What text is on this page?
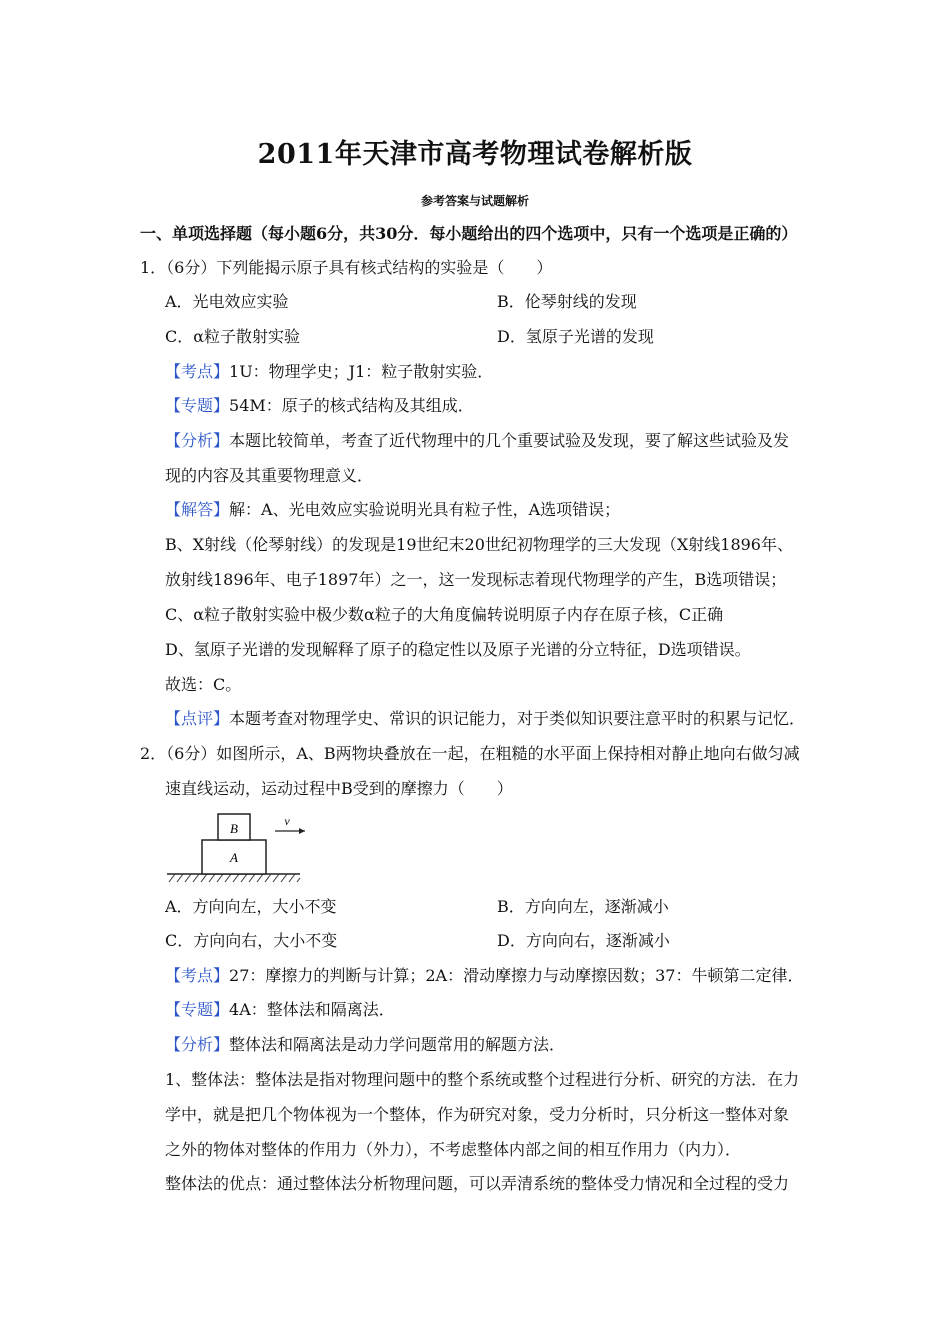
2011年天津市高考物理试卷解析版
参考答案与试题解析
一、单项选择题（每小题6分，共30分．每小题给出的四个选项中，只有一个选项是正确的）
1．（6分）下列能揭示原子具有核式结构的实验是（　　）
A．光电效应实验	B．伦琴射线的发现
C．α粒子散射实验	D．氢原子光谱的发现
【考点】1U：物理学史；J1：粒子散射实验．
【专题】54M：原子的核式结构及其组成．
【分析】本题比较简单，考查了近代物理中的几个重要试验及发现，要了解这些试验及发
现的内容及其重要物理意义．
【解答】解：A、光电效应实验说明光具有粒子性，A选项错误；
B、X射线（伦琴射线）的发现是19世纪末20世纪初物理学的三大发现（X射线1896年、
放射线1896年、电子1897年）之一，这一发现标志着现代物理学的产生，B选项错误；
C、α粒子散射实验中极少数α粒子的大角度偏转说明原子内存在原子核，C正确
D、氢原子光谱的发现解释了原子的稳定性以及原子光谱的分立特征，D选项错误。
故选：C。
【点评】本题考查对物理学史、常识的识记能力，对于类似知识要注意平时的积累与记忆．
2．（6分）如图所示，A、B两物块叠放在一起，在粗糙的水平面上保持相对静止地向右做匀减
速直线运动，运动过程中B受到的摩擦力（　　）
A
B	v
A．方向向左，大小不变	B．方向向左，逐渐减小
C．方向向右，大小不变	D．方向向右，逐渐减小
【考点】27：摩擦力的判断与计算；2A：滑动摩擦力与动摩擦因数；37：牛顿第二定律．
【专题】4A：整体法和隔离法．
【分析】整体法和隔离法是动力学问题常用的解题方法．
1、整体法：整体法是指对物理问题中的整个系统或整个过程进行分析、研究的方法．在力
学中，就是把几个物体视为一个整体，作为研究对象，受力分析时，只分析这一整体对象
之外的物体对整体的作用力（外力），不考虑整体内部之间的相互作用力（内力）．
整体法的优点：通过整体法分析物理问题，可以弄清系统的整体受力情况和全过程的受力
